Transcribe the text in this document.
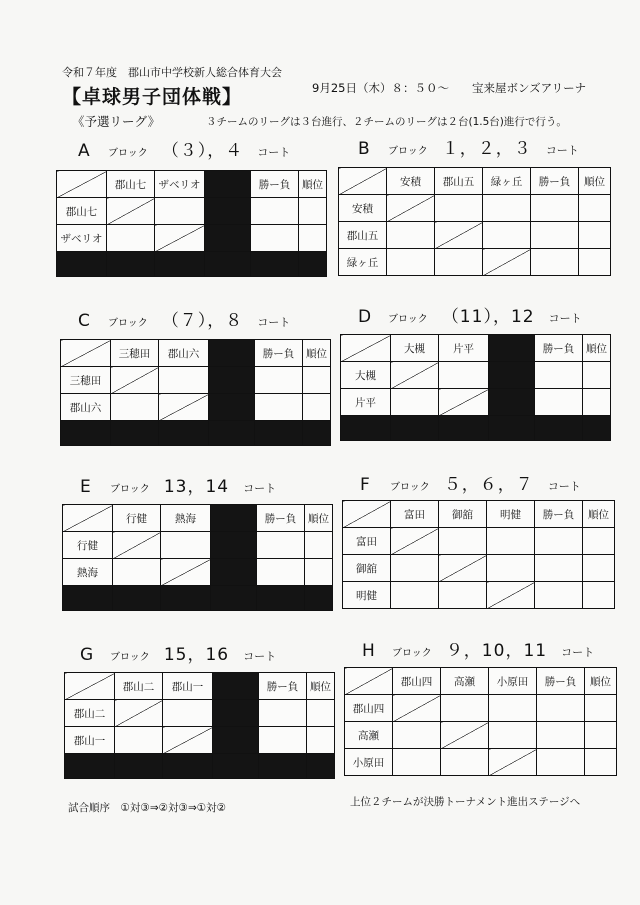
令和７年度　郡山市中学校新人総合体育大会
【卓球男子団体戦】	9月25日（木）８：５０～　　宝来屋ボンズアリーナ
《予選リーグ》	３チームのリーグは３台進行、２チームのリーグは２台(1.5台)進行で行う。
A ブロック （３），４ コート
	郡山七	ザベリオ		勝ー負	順位
郡山七					
ザベリオ					

B ブロック １，２，３ コート
	安積	郡山五	緑ヶ丘	勝ー負	順位
安積					
郡山五					
緑ヶ丘					
C ブロック （７），８ コート
	三穂田	郡山六		勝ー負	順位
三穂田					
郡山六					

D ブロック （11），12 コート
	大槻	片平		勝ー負	順位
大槻					
片平					

E ブロック 13，14 コート
	行健	熱海		勝ー負	順位
行健					
熱海					

F ブロック ５，６，７ コート
	富田	御舘	明健	勝ー負	順位
富田					
御舘					
明健					
G ブロック 15，16 コート
	郡山二	郡山一		勝ー負	順位
郡山二					
郡山一					

H ブロック ９，10，11 コート
	郡山四	高瀬	小原田	勝ー負	順位
郡山四					
高瀬					
小原田					
試合順序　①対③⇒②対③⇒①対②	上位２チームが決勝トーナメント進出ステージへ
